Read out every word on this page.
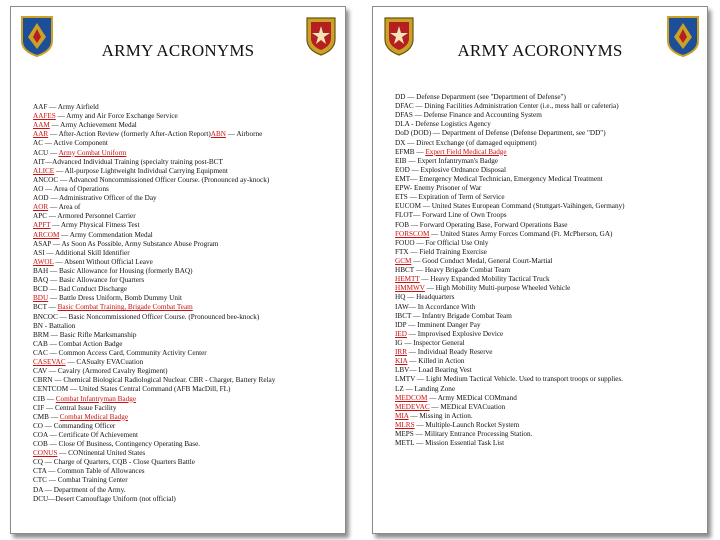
ARMY ACRONYMS
AAF — Army Airfield
AAFES — Army and Air Force Exchange Service
AAM — Army Achievement Medal
AAR — After-Action Review (formerly After-Action Report)ABN — Airborne
AC — Active Component
ACU — Army Combat Uniform
AIT—Advanced Individual Training (specialty training post-BCT
ALICE — All-purpose Lightweight Individual Carrying Equipment
ANCOC — Advanced Noncommissioned Officer Course. (Pronounced ay-knock)
AO — Area of Operations
AOD — Administrative Officer of the Day
AOR — Area of
APC — Armored Personnel Carrier
APFT — Army Physical Fitness Test
ARCOM — Army Commendation Medal
ASAP — As Soon As Possible, Army Substance Abuse Program
ASI — Additional Skill Identifier
AWOL — Absent Without Official Leave
BAH — Basic Allowance for Housing (formerly BAQ)
BAQ — Basic Allowance for Quarters
BCD — Bad Conduct Discharge
BDU — Battle Dress Uniform, Bomb Dummy Unit
BCT — Basic Combat Training, Brigade Combat Team
BNCOC — Basic Noncommissioned Officer Course. (Pronounced bee-knock)
BN - Battalion
BRM — Basic Rifle Marksmanship
CAB — Combat Action Badge
CAC — Common Access Card, Community Activity Center
CASEVAC — CASualty EVACuation
CAV — Cavalry (Armored Cavalry Regiment)
CBRN — Chemical Biological Radiological Nuclear. CBR - Charger, Battery Relay
CENTCOM — United States Central Command (AFB MacDill, FL)
CIB — Combat Infantryman Badge
CIF — Central Issue Facility
CMB — Combat Medical Badge
CO — Commanding Officer
COA — Certificate Of Achievement
COB — Close Of Business, Contingency Operating Base.
CONUS — CONtinental United States
CQ — Charge of Quarters, CQB - Close Quarters Battle
CTA — Common Table of Allowances
CTC — Combat Training Center
DA — Department of the Army.
DCU—Desert Camouflage Uniform (not official)
ARMY ACORONYMS
DD — Defense Department (see "Department of Defense")
DFAC — Dining Facilities Administration Center (i.e., mess hall or cafeteria)
DFAS — Defense Finance and Accounting System
DLA - Defense Logistics Agency
DoD (DOD) — Department of Defense (Defense Department, see "DD")
DX — Direct Exchange (of damaged equipment)
EFMB — Expert Field Medical Badge
EIB — Expert Infantryman's Badge
EOD — Explosive Ordnance Disposal
EMT— Emergency Medical Technician, Emergency Medical Treatment
EPW- Enemy Prisoner of War
ETS — Expiration of Term of Service
EUCOM — United States European Command (Stuttgart-Vaihingen, Germany)
FLOT— Forward Line of Own Troops
FOB — Forward Operating Base, Forward Operations Base
FORSCOM — United States Army Forces Command (Ft. McPherson, GA)
FOUO — For Official Use Only
FTX — Field Training Exercise
GCM — Good Conduct Medal, General Court-Martial
HBCT — Heavy Brigade Combat Team
HEMTT — Heavy Expanded Mobility Tactical Truck
HMMWV — High Mobility Multi-purpose Wheeled Vehicle
HQ — Headquarters
IAW— In Accordance With
IBCT — Infantry Brigade Combat Team
IDP — Imminent Danger Pay
IED — Improvised Explosive Device
IG — Inspector General
IRR — Individual Ready Reserve
KIA — Killed in Action
LBV— Load Bearing Vest
LMTV — Light Medium Tactical Vehicle. Used to transport troops or supplies.
LZ — Landing Zone
MEDCOM — Army MEDical COMmand
MEDEVAC — MEDical EVACuation
MIA — Missing in Action.
MLRS — Multiple-Launch Rocket System
MEPS — Military Entrance Processing Station.
METL — Mission Essential Task List
